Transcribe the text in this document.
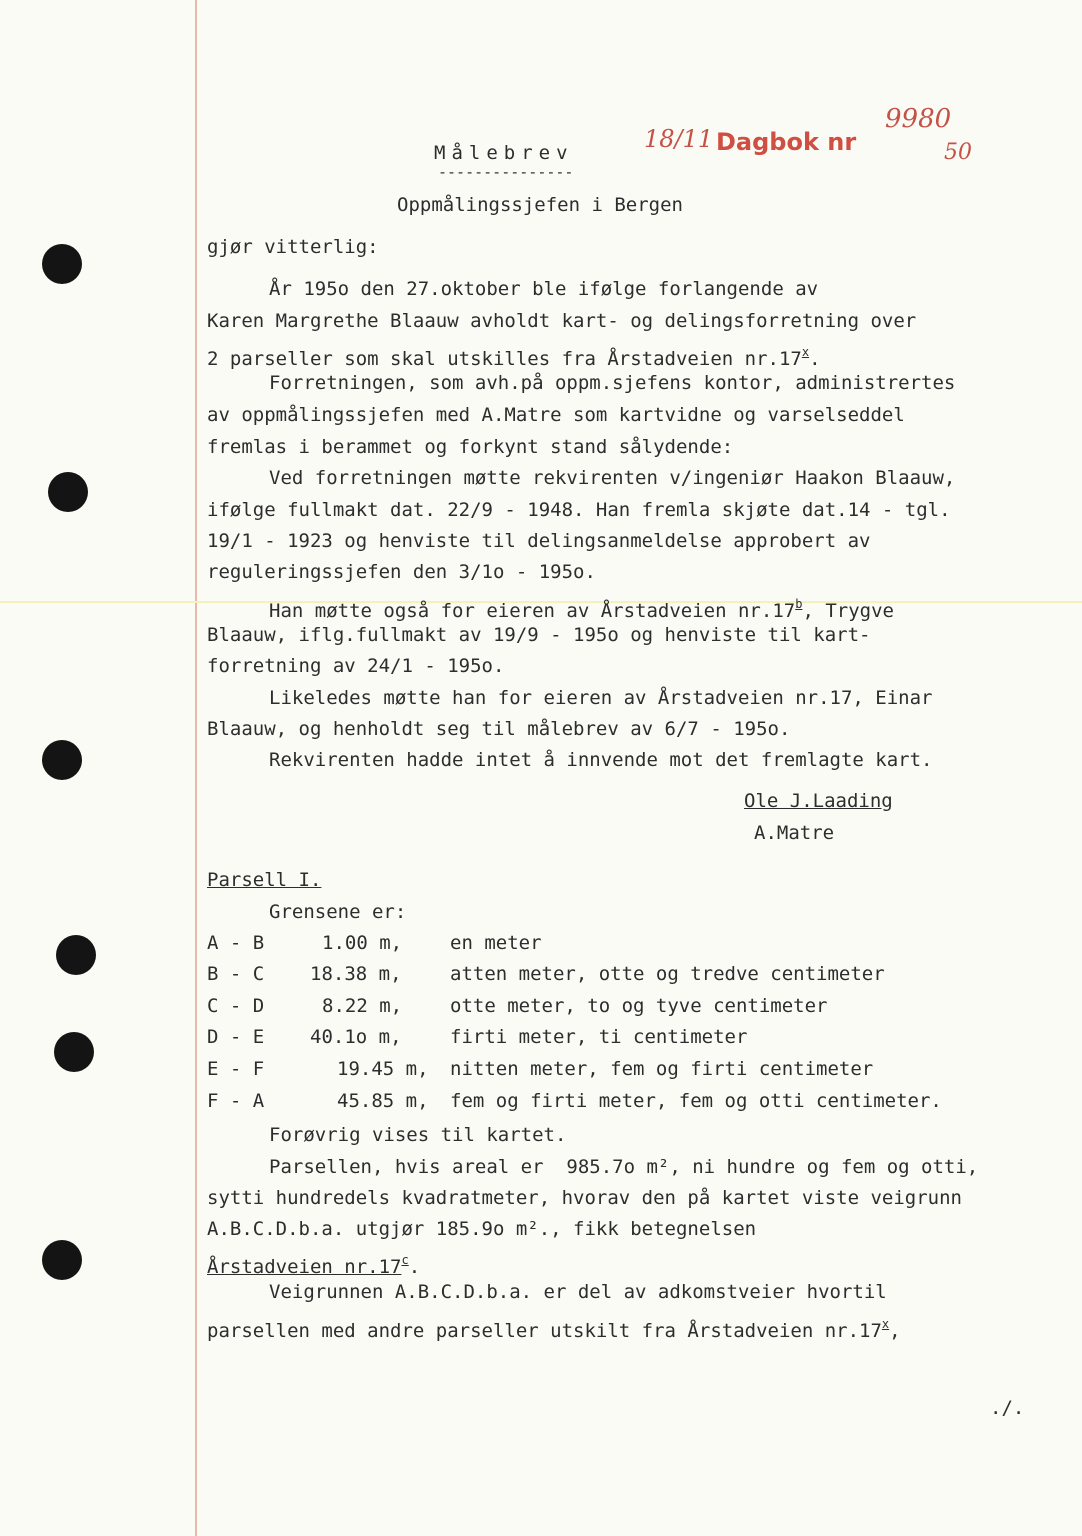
Målebrev
---------------
18/11 Dagbok nr
9980
50
Oppmålingssjefen i Bergen
gjør vitterlig:
År 195o den 27.oktober ble ifølge forlangende av
Karen Margrethe Blaauw avholdt kart- og delingsforretning over
2 parseller som skal utskilles fra Årstadveien nr.17$^x$.
Forretningen, som avh.på oppm.sjefens kontor, administrertes
av oppmålingssjefen med A.Matre som kartvidne og varselseddel
fremlas i berammet og forkynt stand sålydende:
Ved forretningen møtte rekvirenten v/ingeniør Haakon Blaauw,
ifølge fullmakt dat. 22/9 - 1948. Han fremla skjøte dat.14 - tgl.
19/1 - 1923 og henviste til delingsanmeldelse approbert av
reguleringssjefen den 3/1o - 195o.
Han møtte også for eieren av Årstadveien nr.17$^b$, Trygve
Blaauw, iflg.fullmakt av 19/9 - 195o og henviste til kart-
forretning av 24/1 - 195o.
Likeledes møtte han for eieren av Årstadveien nr.17, Einar
Blaauw, og henholdt seg til målebrev av 6/7 - 195o.
Rekvirenten hadde intet å innvende mot det fremlagte kart.
Ole J.Laading
A.Matre
Parsell I.
Grensene er:
A - B	1.00 m,	en meter
B - C 18.38 m,	atten meter, otte og tredve centimeter
C - D	8.22 m,	otte meter, to og tyve centimeter
D - E 40.1o m,	firti meter, ti centimeter
E - F	19.45 m, nitten meter, fem og firti centimeter
F - A	45.85 m, fem og firti meter, fem og otti centimeter.
Forøvrig vises til kartet.
Parsellen, hvis areal er  985.7o m², ni hundre og fem og otti,
sytti hundredels kvadratmeter, hvorav den på kartet viste veigrunn
A.B.C.D.b.a. utgjør 185.9o m²., fikk betegnelsen
Årstadveien nr.17$^c$.
Veigrunnen A.B.C.D.b.a. er del av adkomstveier hvortil
parsellen med andre parseller utskilt fra Årstadveien nr.17$^x$,
./.
